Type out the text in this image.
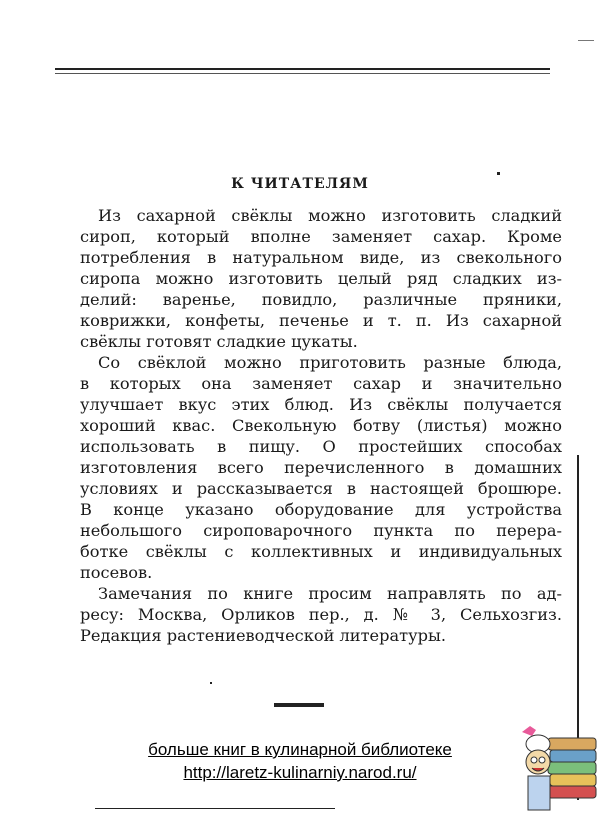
К ЧИТАТЕЛЯМ
Из сахарной свёклы можно изготовить сладкий
сироп, который вполне заменяет сахар. Кроме
потребления в натуральном виде, из свекольного
сиропа можно изготовить целый ряд сладких из-
делий: варенье, повидло, различные пряники,
коврижки, конфеты, печенье и т. п. Из сахарной
свёклы готовят сладкие цукаты.
Со свёклой можно приготовить разные блюда,
в которых она заменяет сахар и значительно
улучшает вкус этих блюд. Из свёклы получается
хороший квас. Свекольную ботву (листья) можно
использовать в пищу. О простейших способах
изготовления всего перечисленного в домашних
условиях и рассказывается в настоящей брошюре.
В конце указано оборудование для устройства
небольшого сироповарочного пункта по перера-
ботке свёклы с коллективных и индивидуальных
посевов.
Замечания по книге просим направлять по ад-
ресу: Москва, Орликов пер., д. № 3, Сельхозгиз.
Редакция растениеводческой литературы.
больше книг в кулинарной библиотеке
http://laretz-kulinarniy.narod.ru/
